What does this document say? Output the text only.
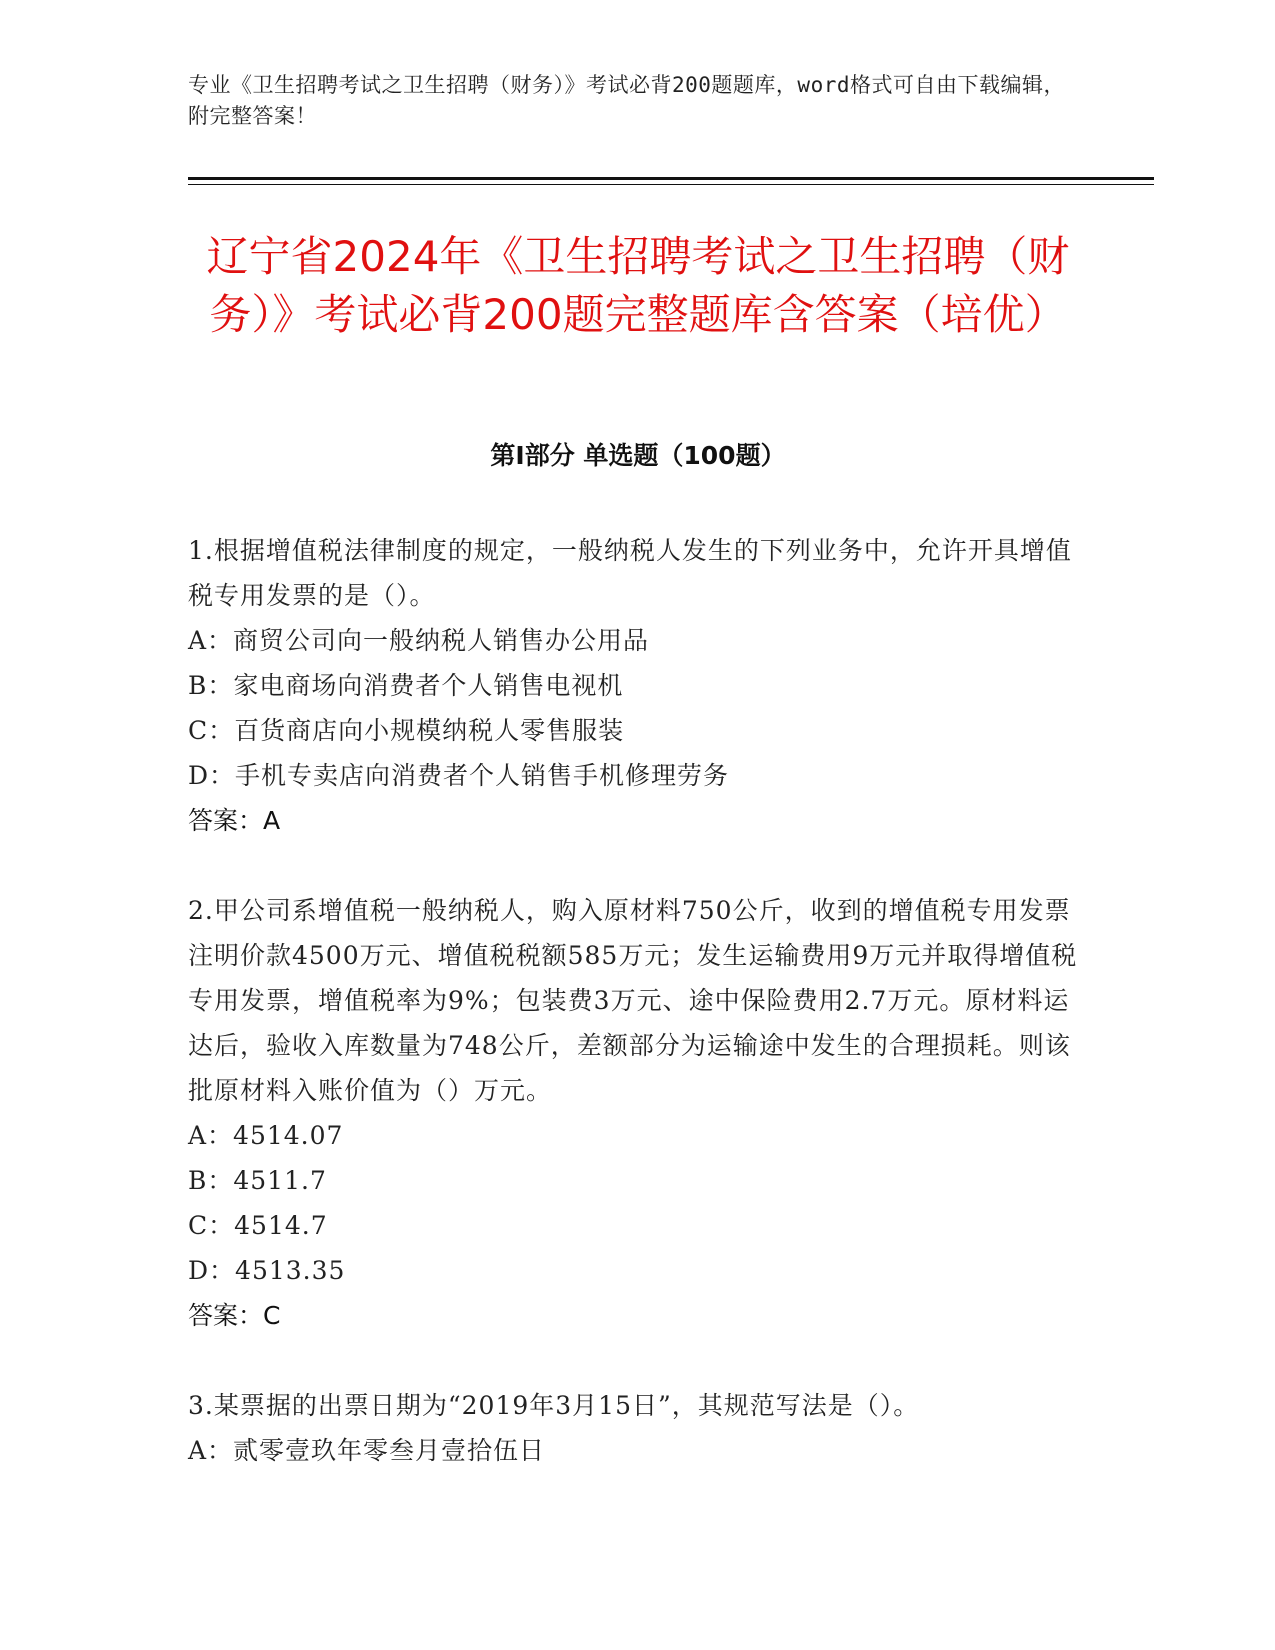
专业《卫生招聘考试之卫生招聘（财务）》考试必背200题题库，word格式可自由下载编辑，附完整答案！
辽宁省2024年《卫生招聘考试之卫生招聘（财务）》考试必背200题完整题库含答案（培优）
第Ⅰ部分 单选题（100题）

1.根据增值税法律制度的规定，一般纳税人发生的下列业务中，允许开具增值税专用发票的是（）。

A：商贸公司向一般纳税人销售办公用品

B：家电商场向消费者个人销售电视机

C：百货商店向小规模纳税人零售服装

D：手机专卖店向消费者个人销售手机修理劳务

答案：A

2.甲公司系增值税一般纳税人，购入原材料750公斤，收到的增值税专用发票注明价款4500万元、增值税税额585万元；发生运输费用9万元并取得增值税专用发票，增值税率为9%；包装费3万元、途中保险费用2.7万元。原材料运达后，验收入库数量为748公斤，差额部分为运输途中发生的合理损耗。则该批原材料入账价值为（）万元。

A：4514.07

B：4511.7

C：4514.7

D：4513.35

答案：C

3.某票据的出票日期为“2019年3月15日”，其规范写法是（）。

A：贰零壹玖年零叁月壹拾伍日
